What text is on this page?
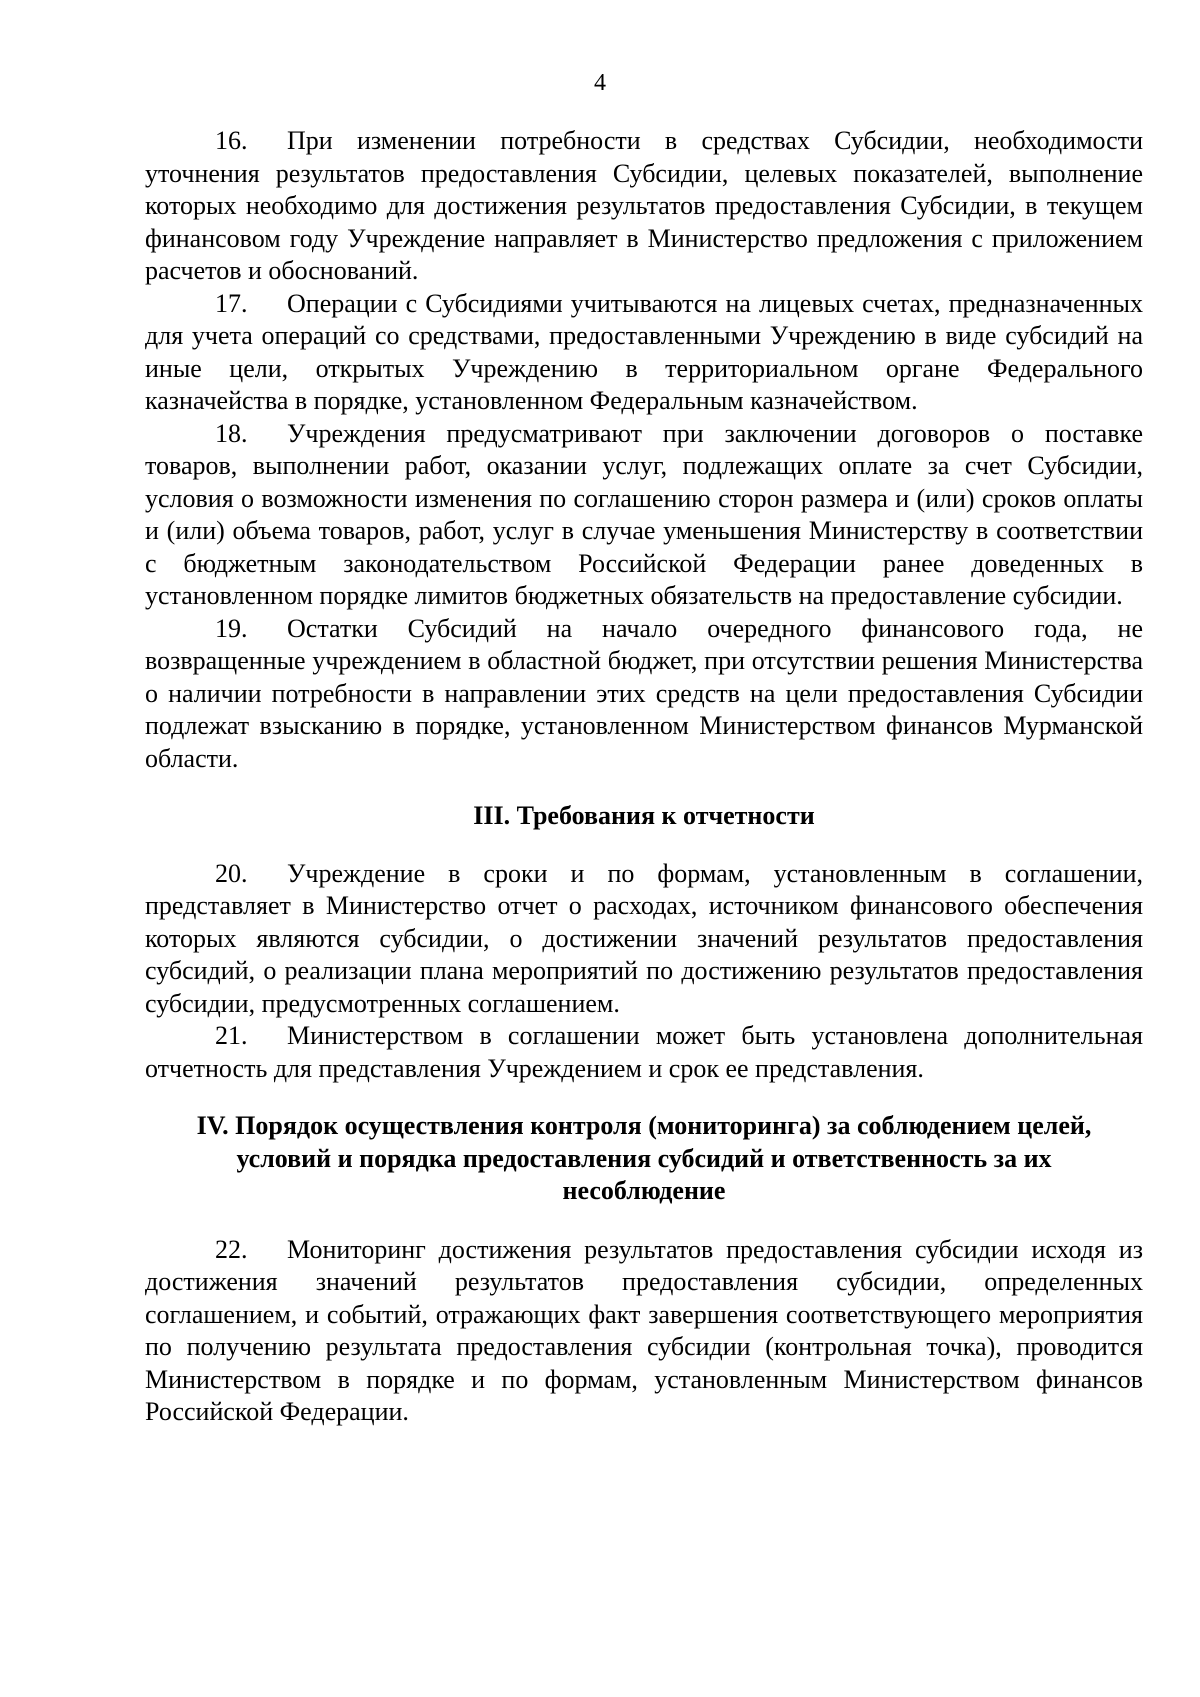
4

16. При изменении потребности в средствах Субсидии, необходимости уточнения результатов предоставления Субсидии, целевых показателей, выполнение которых необходимо для достижения результатов предоставления Субсидии, в текущем финансовом году Учреждение направляет в Министерство предложения с приложением расчетов и обоснований.

17. Операции с Субсидиями учитываются на лицевых счетах, предназначенных для учета операций со средствами, предоставленными Учреждению в виде субсидий на иные цели, открытых Учреждению в территориальном органе Федерального казначейства в порядке, установленном Федеральным казначейством.

18. Учреждения предусматривают при заключении договоров о поставке товаров, выполнении работ, оказании услуг, подлежащих оплате за счет Субсидии, условия о возможности изменения по соглашению сторон размера и (или) сроков оплаты и (или) объема товаров, работ, услуг в случае уменьшения Министерству в соответствии с бюджетным законодательством Российской Федерации ранее доведенных в установленном порядке лимитов бюджетных обязательств на предоставление субсидии.

19. Остатки Субсидий на начало очередного финансового года, не возвращенные учреждением в областной бюджет, при отсутствии решения Министерства о наличии потребности в направлении этих средств на цели предоставления Субсидии подлежат взысканию в порядке, установленном Министерством финансов Мурманской области.

III. Требования к отчетности

20. Учреждение в сроки и по формам, установленным в соглашении, представляет в Министерство отчет о расходах, источником финансового обеспечения которых являются субсидии, о достижении значений результатов предоставления субсидий, о реализации плана мероприятий по достижению результатов предоставления субсидии, предусмотренных соглашением.

21. Министерством в соглашении может быть установлена дополнительная отчетность для представления Учреждением и срок ее представления.

IV. Порядок осуществления контроля (мониторинга) за соблюдением целей,
условий и порядка предоставления субсидий и ответственность за их
несоблюдение

22. Мониторинг достижения результатов предоставления субсидии исходя из достижения значений результатов предоставления субсидии, определенных соглашением, и событий, отражающих факт завершения соответствующего мероприятия по получению результата предоставления субсидии (контрольная точка), проводится Министерством в порядке и по формам, установленным Министерством финансов Российской Федерации.
